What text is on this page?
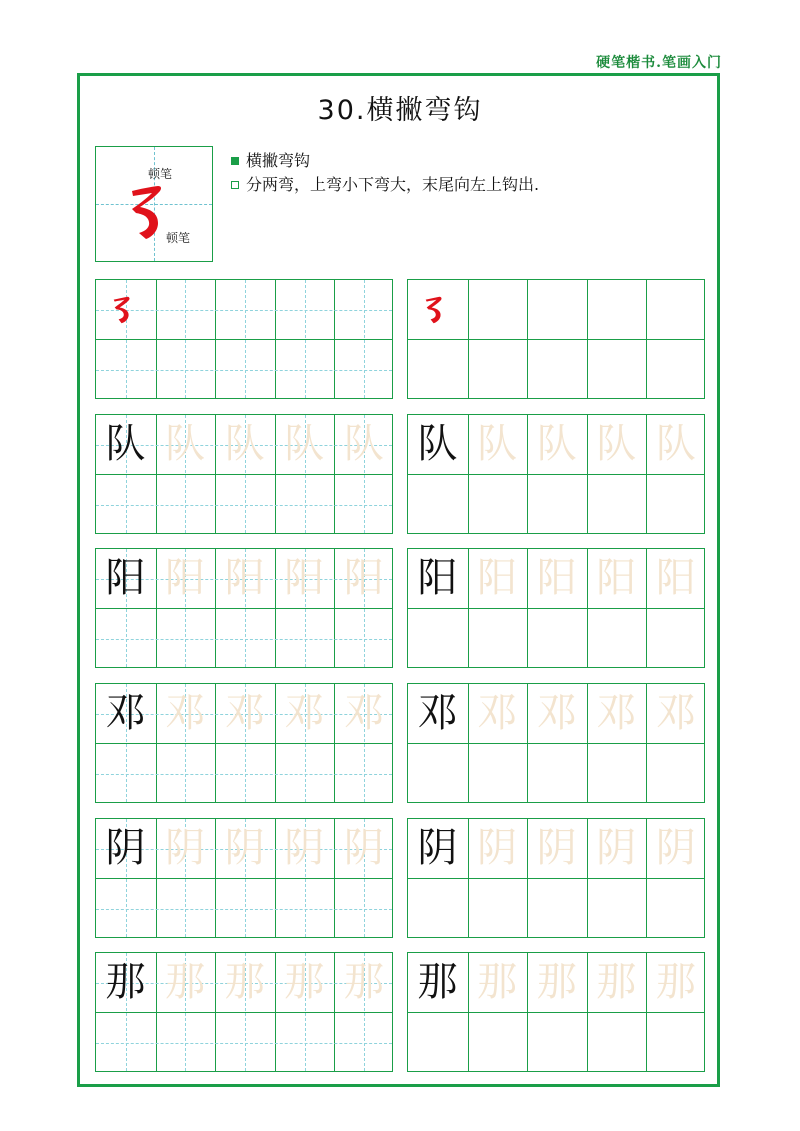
硬笔楷书.笔画入门
30.横撇弯钩
顿笔
顿笔
横撇弯钩
分两弯，上弯小下弯大，末尾向左上钩出.
队 队 队 队 队 队 队 队 队 队
阳 阳 阳 阳 阳 阳 阳 阳 阳 阳
邓 邓 邓 邓 邓 邓 邓 邓 邓 邓
阴 阴 阴 阴 阴 阴 阴 阴 阴 阴
那 那 那 那 那 那 那 那 那 那
